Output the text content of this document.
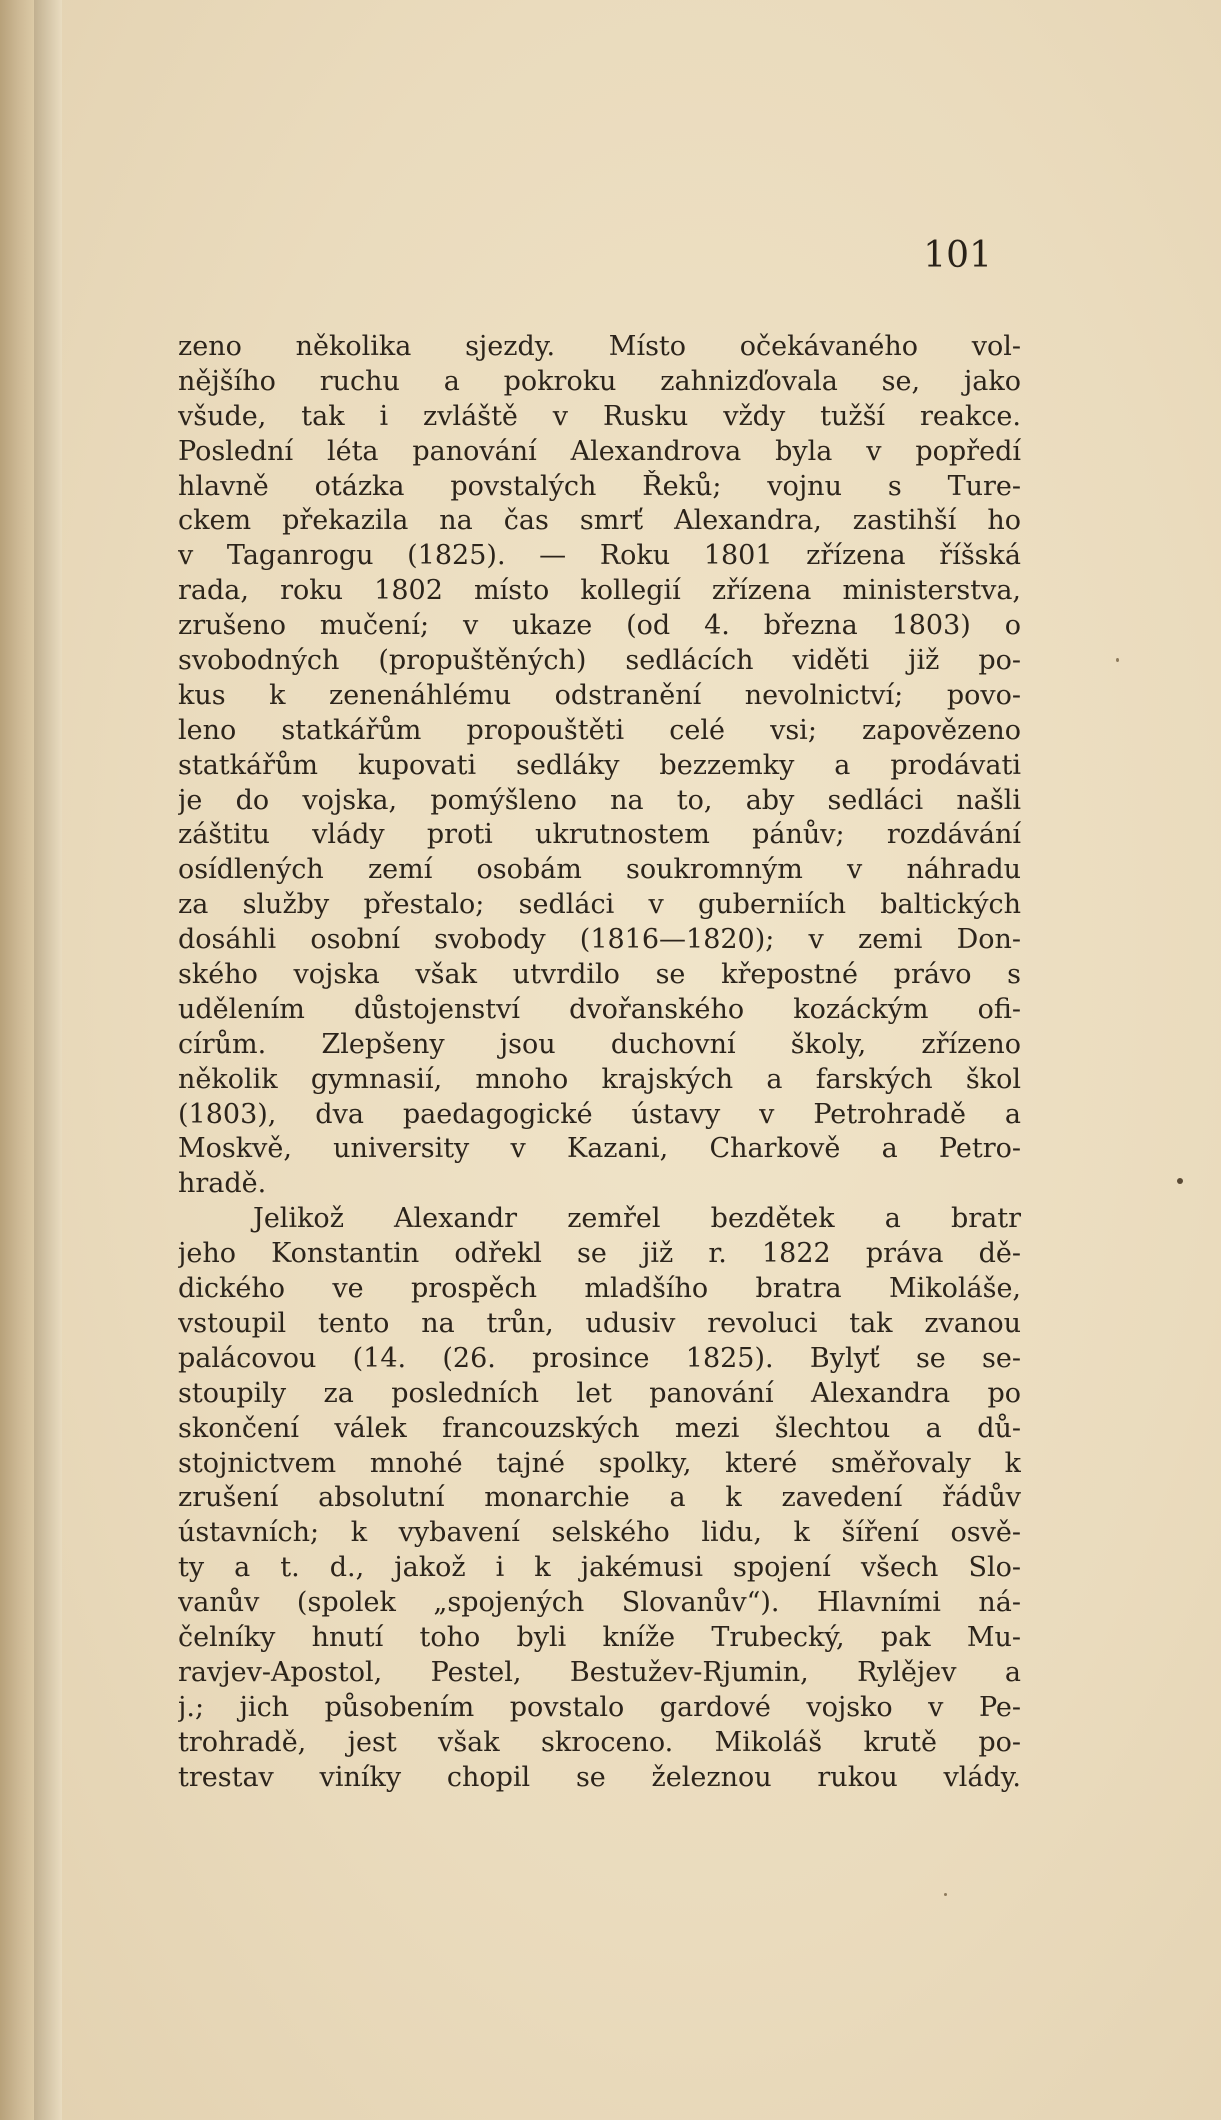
101
zeno několika sjezdy. Místo očekávaného vol-
nějšího ruchu a pokroku zahnizďovala se, jako
všude, tak i zvláště v Rusku vždy tužší reakce.
Poslední léta panování Alexandrova byla v popředí
hlavně otázka povstalých Řeků; vojnu s Ture-
ckem překazila na čas smrť Alexandra, zastihší ho
v Taganrogu (1825). — Roku 1801 zřízena říšská
rada, roku 1802 místo kollegií zřízena ministerstva,
zrušeno mučení; v ukaze (od 4. března 1803) o
svobodných (propuštěných) sedlácích viděti již po-
kus k zenenáhlému odstranění nevolnictví; povo-
leno statkářům propouštěti celé vsi; zapovězeno
statkářům kupovati sedláky bezzemky a prodávati
je do vojska, pomýšleno na to, aby sedláci našli
záštitu vlády proti ukrutnostem pánův; rozdávání
osídlených zemí osobám soukromným v náhradu
za služby přestalo; sedláci v guberniích baltických
dosáhli osobní svobody (1816—1820); v zemi Don-
ského vojska však utvrdilo se křepostné právo s
udělením důstojenství dvořanského kozáckým ofi-
círům. Zlepšeny jsou duchovní školy, zřízeno
několik gymnasií, mnoho krajských a farských škol
(1803), dva paedagogické ústavy v Petrohradě a
Moskvě, university v Kazani, Charkově a Petro-
hradě.
Jelikož Alexandr zemřel bezdětek a bratr
jeho Konstantin odřekl se již r. 1822 práva dě-
dického ve prospěch mladšího bratra Mikoláše,
vstoupil tento na trůn, udusiv revoluci tak zvanou
palácovou (14. (26. prosince 1825). Bylyť se se-
stoupily za posledních let panování Alexandra po
skončení válek francouzských mezi šlechtou a dů-
stojnictvem mnohé tajné spolky, které směřovaly k
zrušení absolutní monarchie a k zavedení řádův
ústavních; k vybavení selského lidu, k šíření osvě-
ty a t. d., jakož i k jakémusi spojení všech Slo-
vanův (spolek „spojených Slovanův“). Hlavními ná-
čelníky hnutí toho byli kníže Trubecký, pak Mu-
ravjev-Apostol, Pestel, Bestužev-Rjumin, Rylějev a
j.; jich působením povstalo gardové vojsko v Pe-
trohradě, jest však skroceno. Mikoláš krutě po-
trestav viníky chopil se železnou rukou vlády.
